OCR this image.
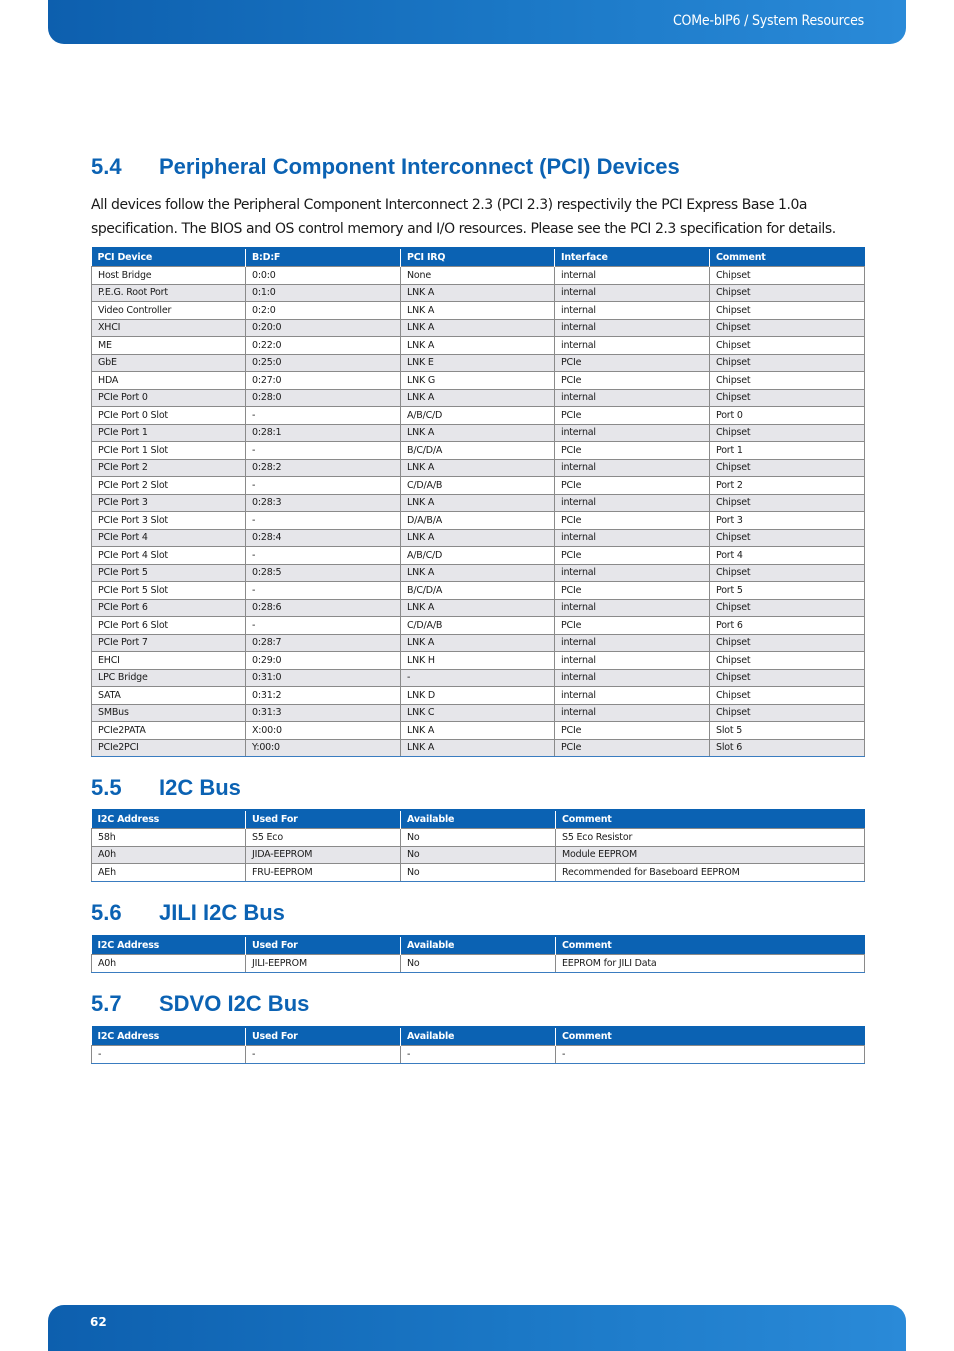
COMe-bIP6 / System Resources
5.4 Peripheral Component Interconnect (PCI) Devices

All devices follow the Peripheral Component Interconnect 2.3 (PCI 2.3) respectivily the PCI Express Base 1.0a specification. The BIOS and OS control memory and I/O resources. Please see the PCI 2.3 specification for details.

PCI Device	B:D:F	PCI IRQ	Interface	Comment
Host Bridge	0:0:0	None	internal	Chipset
P.E.G. Root Port	0:1:0	LNK A	internal	Chipset
Video Controller	0:2:0	LNK A	internal	Chipset
XHCI	0:20:0	LNK A	internal	Chipset
ME	0:22:0	LNK A	internal	Chipset
GbE	0:25:0	LNK E	PCIe	Chipset
HDA	0:27:0	LNK G	PCIe	Chipset
PCIe Port 0	0:28:0	LNK A	internal	Chipset
PCIe Port 0 Slot	-	A/B/C/D	PCIe	Port 0
PCIe Port 1	0:28:1	LNK A	internal	Chipset
PCIe Port 1 Slot	-	B/C/D/A	PCIe	Port 1
PCIe Port 2	0:28:2	LNK A	internal	Chipset
PCIe Port 2 Slot	-	C/D/A/B	PCIe	Port 2
PCIe Port 3	0:28:3	LNK A	internal	Chipset
PCIe Port 3 Slot	-	D/A/B/A	PCIe	Port 3
PCIe Port 4	0:28:4	LNK A	internal	Chipset
PCIe Port 4 Slot	-	A/B/C/D	PCIe	Port 4
PCIe Port 5	0:28:5	LNK A	internal	Chipset
PCIe Port 5 Slot	-	B/C/D/A	PCIe	Port 5
PCIe Port 6	0:28:6	LNK A	internal	Chipset
PCIe Port 6 Slot	-	C/D/A/B	PCIe	Port 6
PCIe Port 7	0:28:7	LNK A	internal	Chipset
EHCI	0:29:0	LNK H	internal	Chipset
LPC Bridge	0:31:0	-	internal	Chipset
SATA	0:31:2	LNK D	internal	Chipset
SMBus	0:31:3	LNK C	internal	Chipset
PCIe2PATA	X:00:0	LNK A	PCIe	Slot 5
PCIe2PCI	Y:00:0	LNK A	PCIe	Slot 6
5.5 I2C Bus
I2C Address	Used For	Available	Comment
58h	S5 Eco	No	S5 Eco Resistor
A0h	JIDA-EEPROM	No	Module EEPROM
AEh	FRU-EEPROM	No	Recommended for Baseboard EEPROM
5.6 JILI I2C Bus
I2C Address	Used For	Available	Comment
A0h	JILI-EEPROM	No	EEPROM for JILI Data
5.7 SDVO I2C Bus
I2C Address	Used For	Available	Comment
-	-	-	-
62
